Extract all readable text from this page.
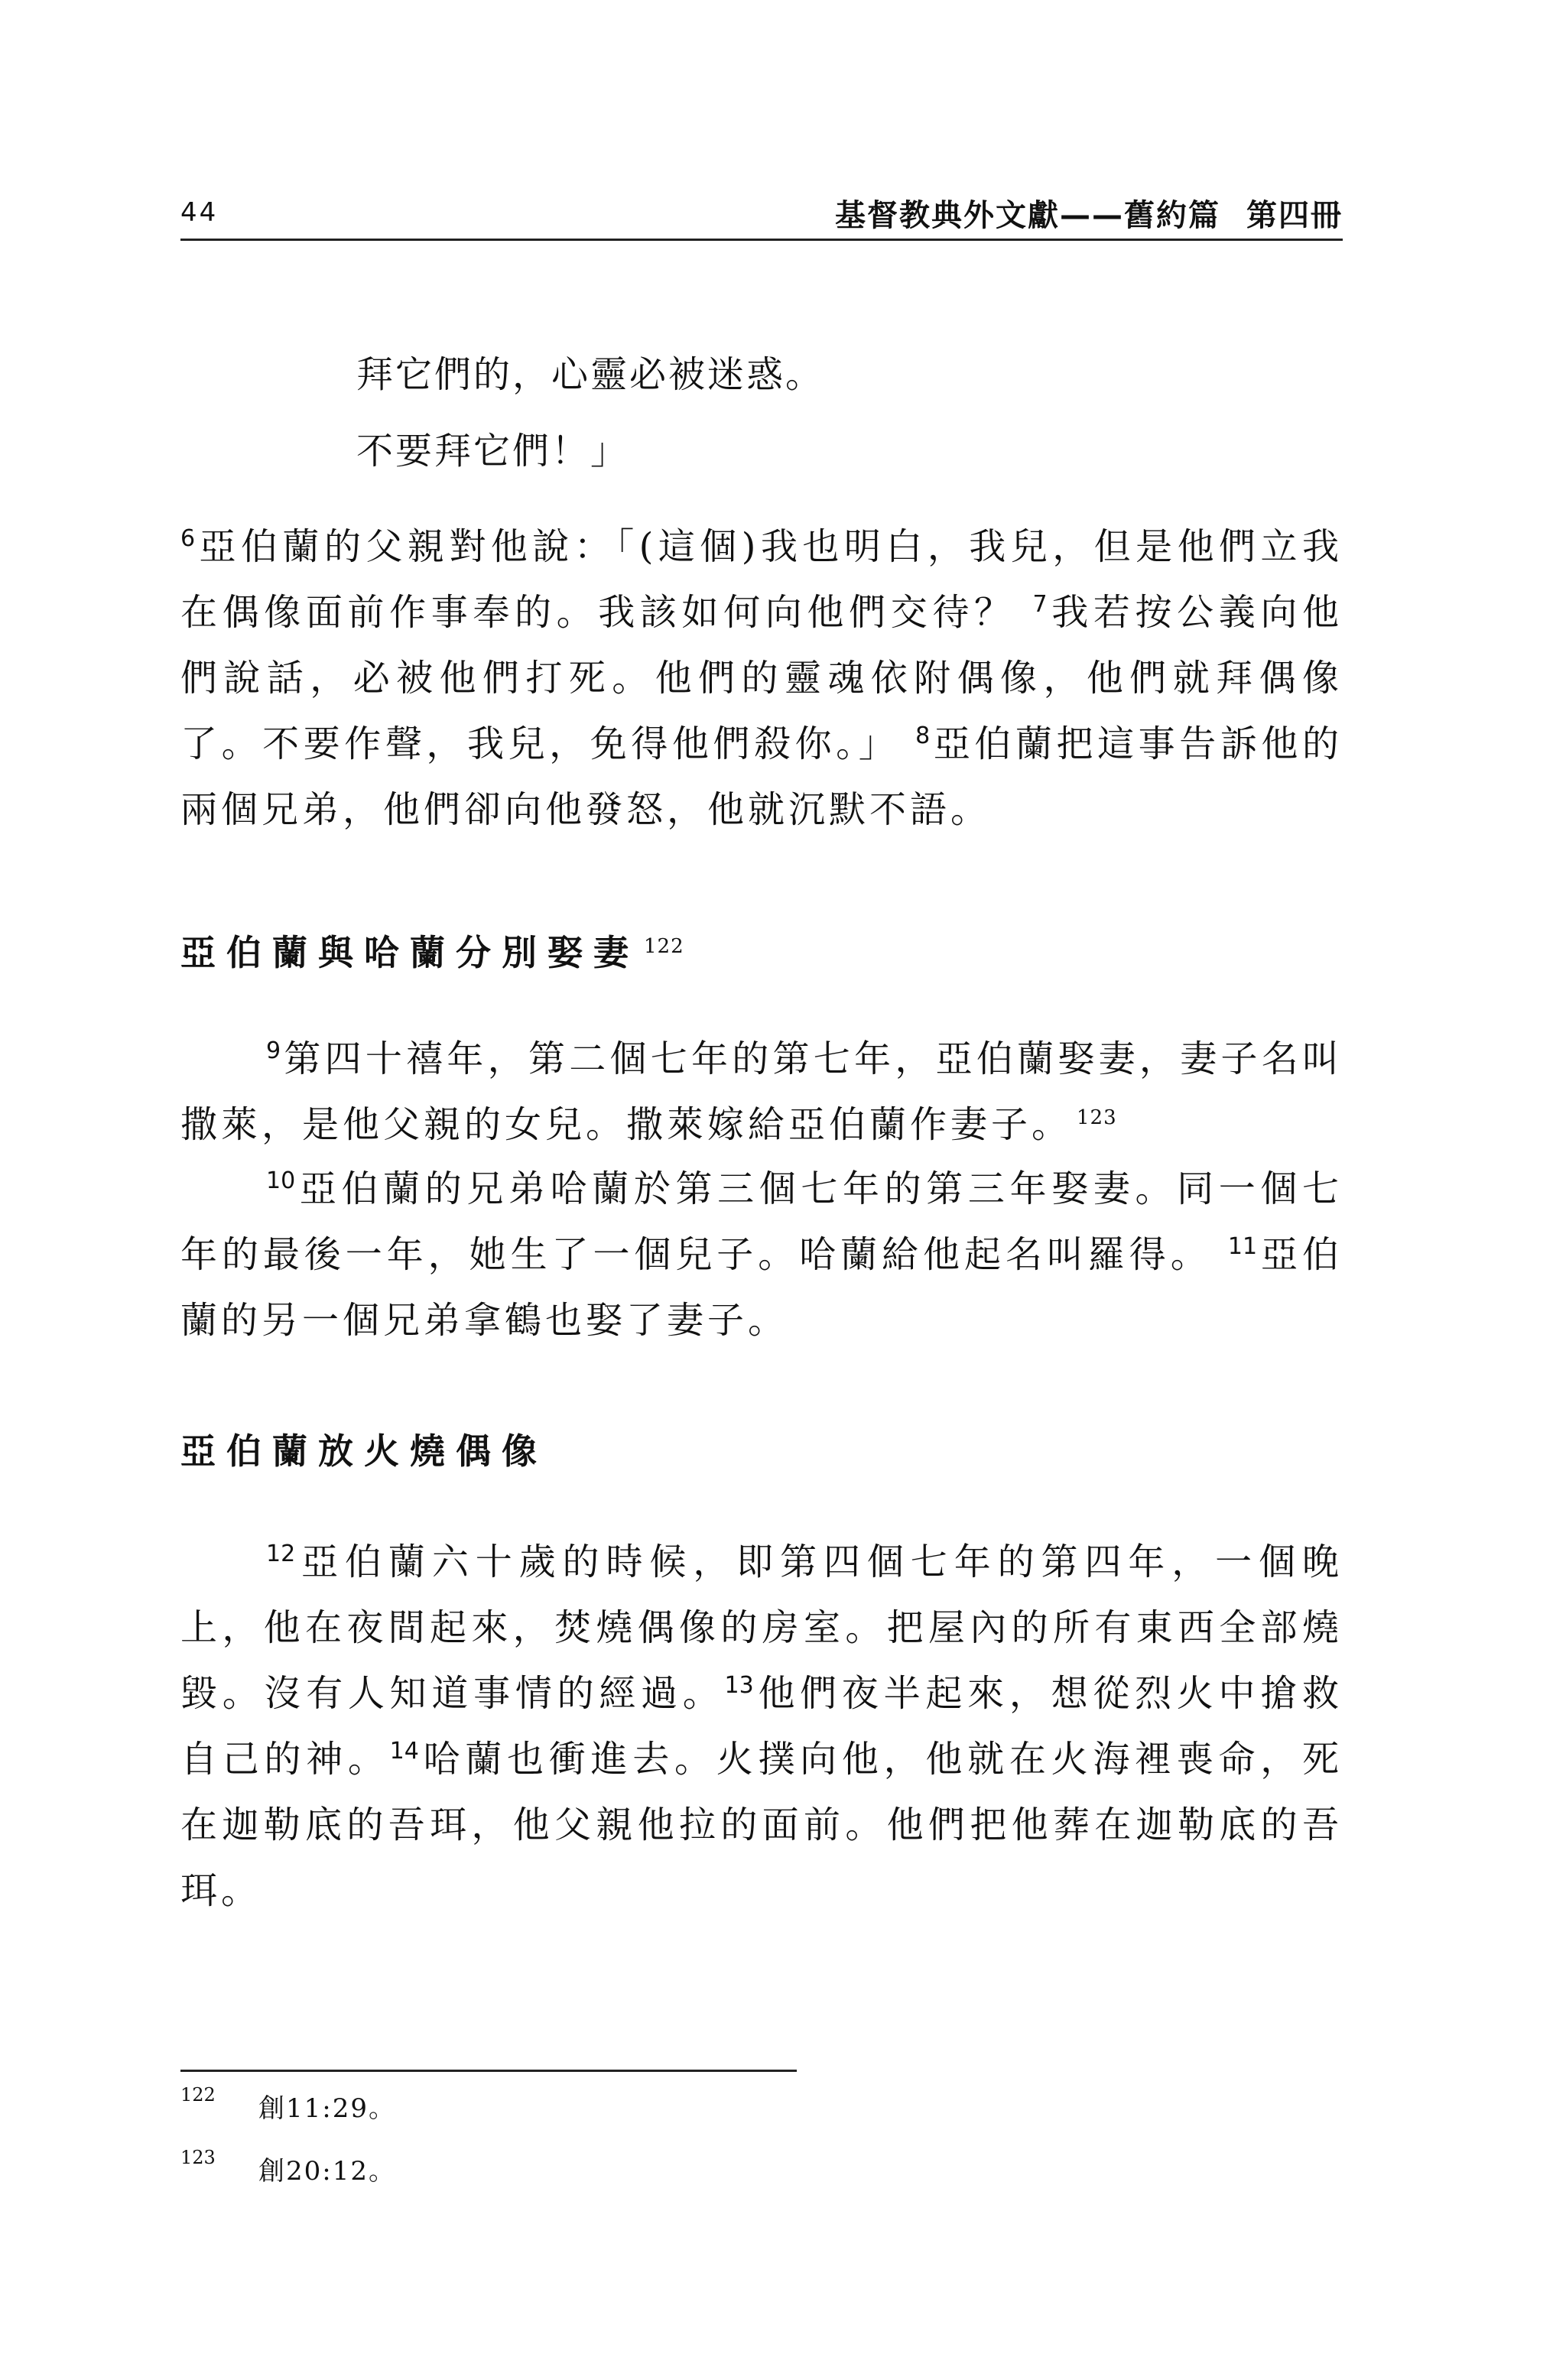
44	基督教典外文獻——舊約篇 第四冊
拜它們的，心靈必被迷惑。
不要拜它們！」
$^6$亞伯蘭的父親對他說：「(這個)我也明白，我兒，但是他們立我在偶像面前作事奉的。我該如何向他們交待？ $^7$我若按公義向他們說話，必被他們打死。他們的靈魂依附偶像，他們就拜偶像了。不要作聲，我兒，免得他們殺你。」 $^8$亞伯蘭把這事告訴他的兩個兄弟，他們卻向他發怒，他就沉默不語。
亞伯蘭與哈蘭分別娶妻 $^{122}$
$^9$第四十禧年，第二個七年的第七年，亞伯蘭娶妻，妻子名叫撒萊，是他父親的女兒。撒萊嫁給亞伯蘭作妻子。 $^{123}$
$^{10}$亞伯蘭的兄弟哈蘭於第三個七年的第三年娶妻。同一個七年的最後一年，她生了一個兒子。哈蘭給他起名叫羅得。 $^{11}$亞伯蘭的另一個兄弟拿鶴也娶了妻子。
亞伯蘭放火燒偶像
$^{12}$亞伯蘭六十歲的時候，即第四個七年的第四年，一個晚上，他在夜間起來，焚燒偶像的房室。把屋內的所有東西全部燒毀。沒有人知道事情的經過。$^{13}$他們夜半起來，想從烈火中搶救自己的神。$^{14}$哈蘭也衝進去。火撲向他，他就在火海裡喪命，死在迦勒底的吾珥，他父親他拉的面前。他們把他葬在迦勒底的吾珥。
122 創11:29。
123 創20:12。
